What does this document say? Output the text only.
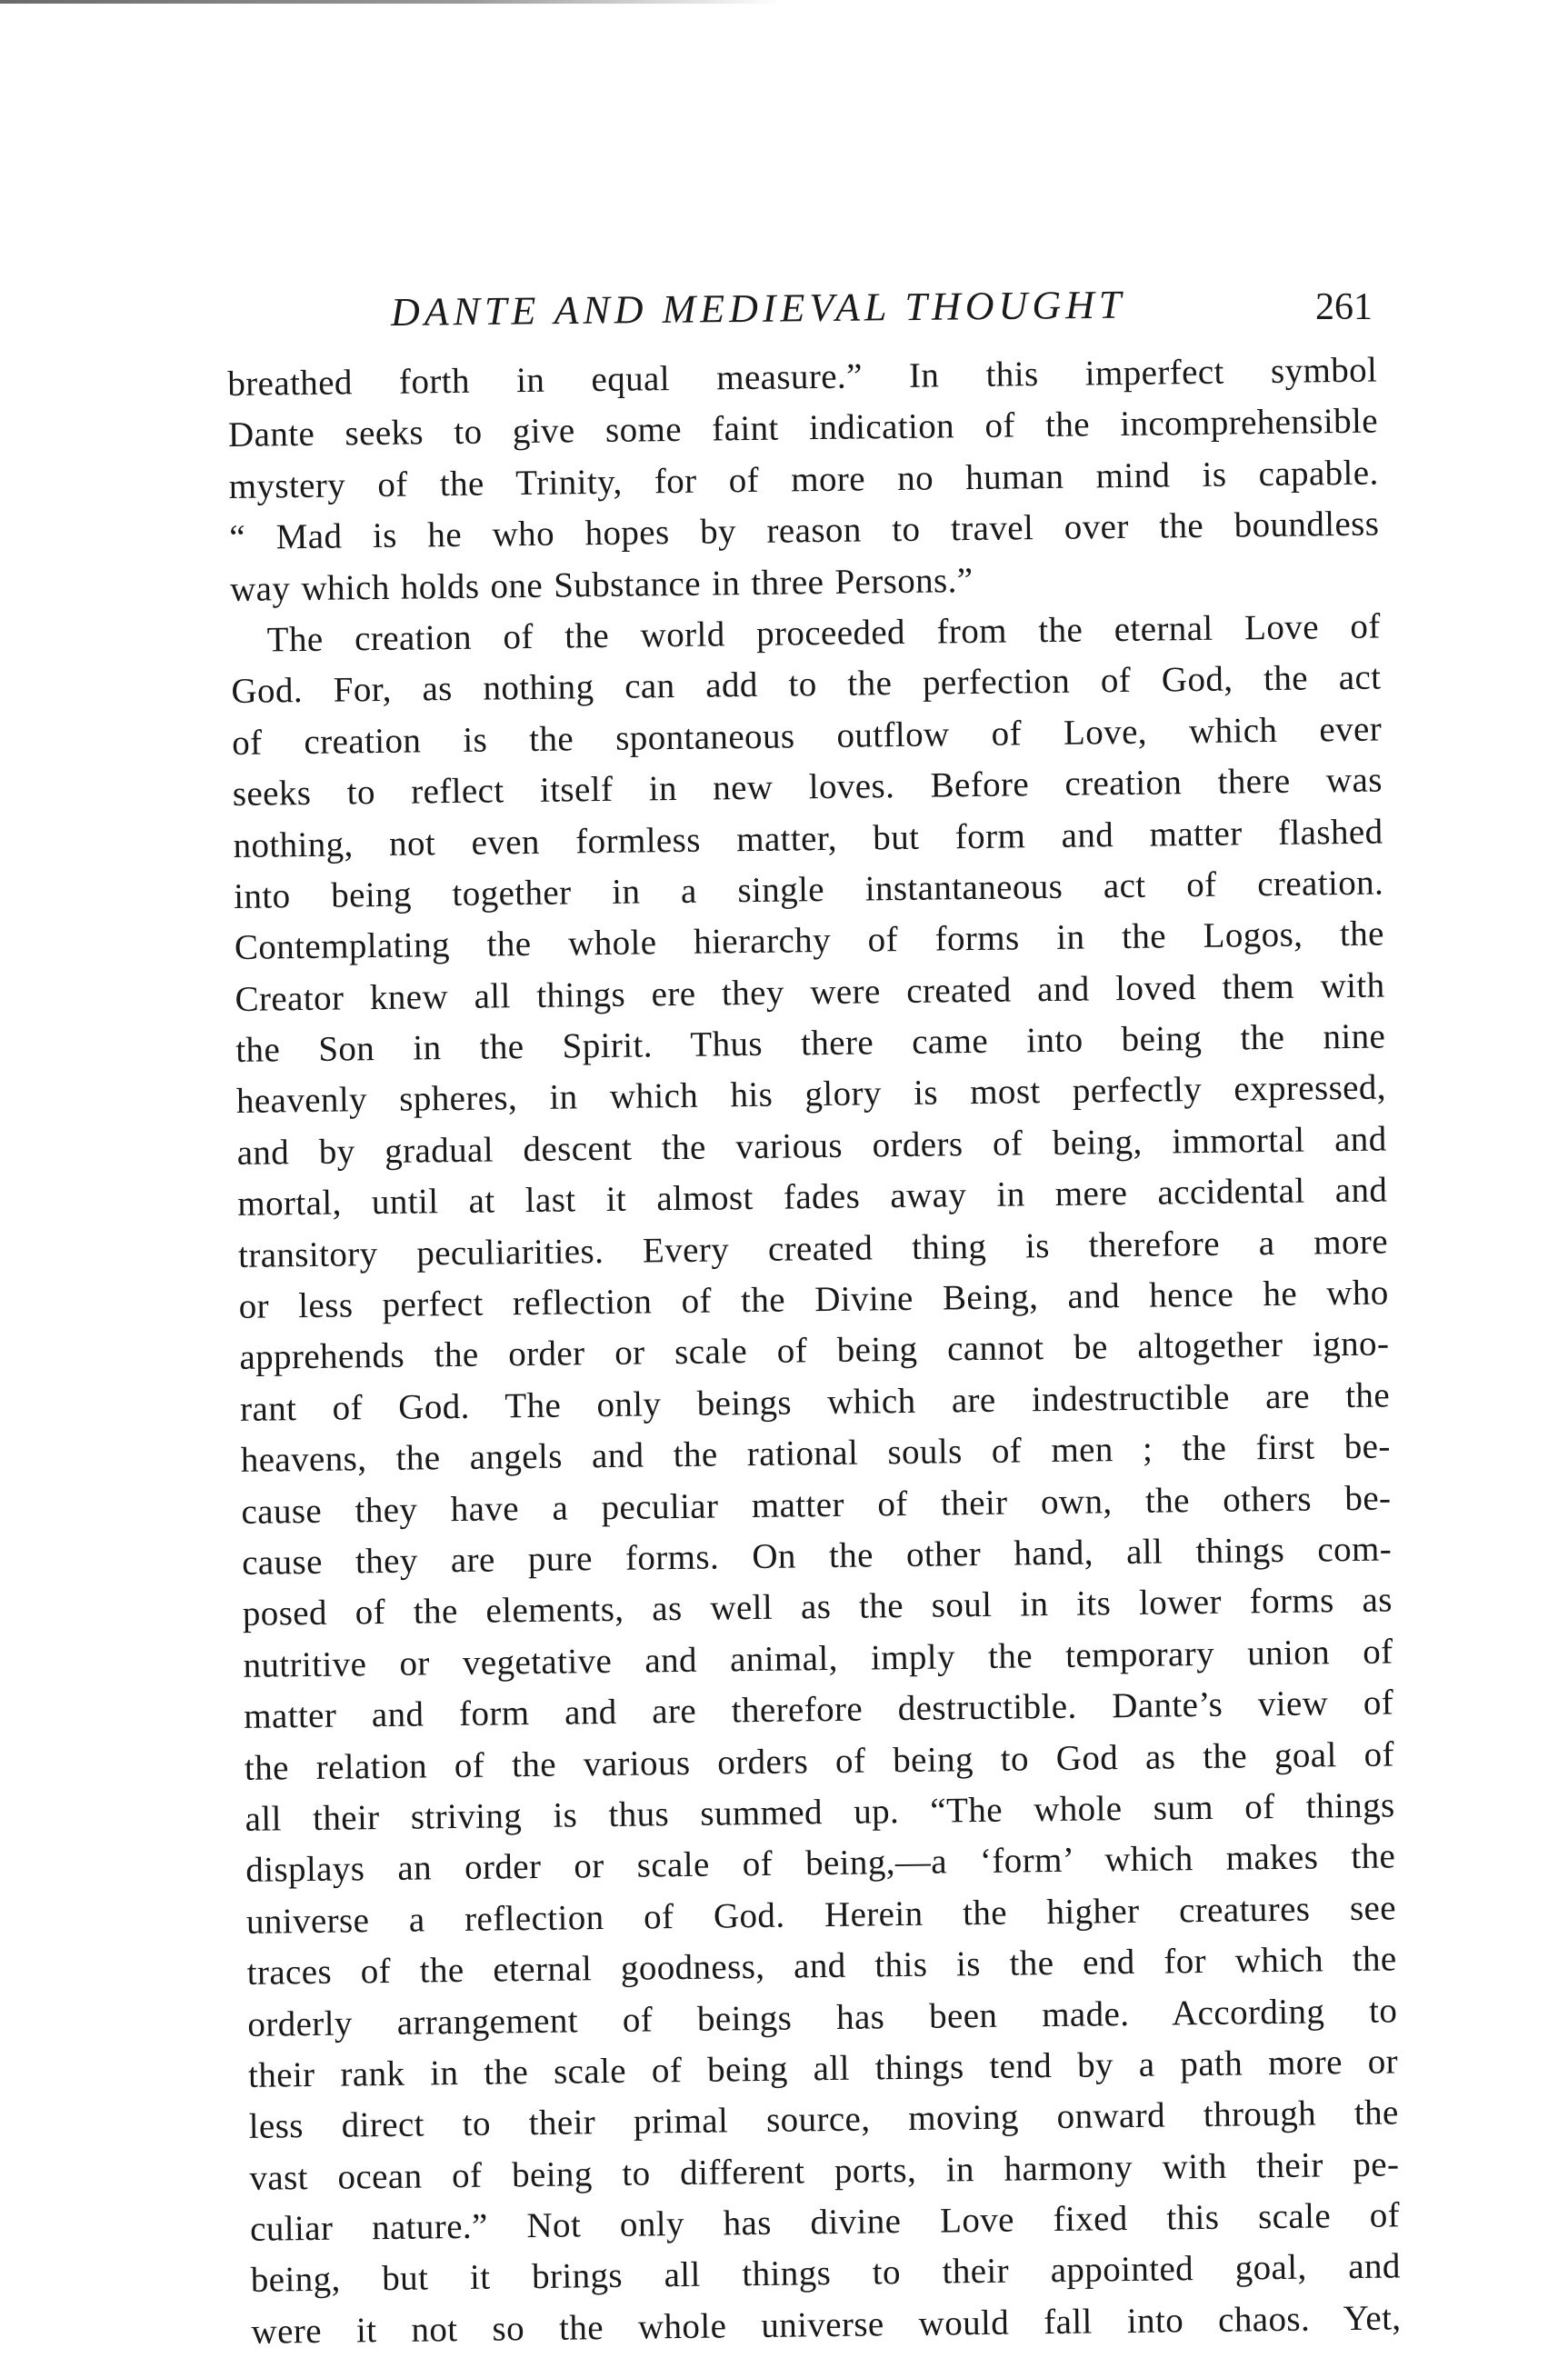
DANTE AND MEDIEVAL THOUGHT	261
breathed forth in equal measure.” In this imperfect symbol
Dante seeks to give some faint indication of the incomprehensible
mystery of the Trinity, for of more no human mind is capable.
“ Mad is he who hopes by reason to travel over the boundless
way which holds one Substance in three Persons.”
The creation of the world proceeded from the eternal Love of
God. For, as nothing can add to the perfection of God, the act
of creation is the spontaneous outflow of Love, which ever
seeks to reflect itself in new loves. Before creation there was
nothing, not even formless matter, but form and matter flashed
into being together in a single instantaneous act of creation.
Contemplating the whole hierarchy of forms in the Logos, the
Creator knew all things ere they were created and loved them with
the Son in the Spirit. Thus there came into being the nine
heavenly spheres, in which his glory is most perfectly expressed,
and by gradual descent the various orders of being, immortal and
mortal, until at last it almost fades away in mere accidental and
transitory peculiarities. Every created thing is therefore a more
or less perfect reflection of the Divine Being, and hence he who
apprehends the order or scale of being cannot be altogether igno-
rant of God. The only beings which are indestructible are the
heavens, the angels and the rational souls of men ; the first be-
cause they have a peculiar matter of their own, the others be-
cause they are pure forms. On the other hand, all things com-
posed of the elements, as well as the soul in its lower forms as
nutritive or vegetative and animal, imply the temporary union of
matter and form and are therefore destructible. Dante’s view of
the relation of the various orders of being to God as the goal of
all their striving is thus summed up. “The whole sum of things
displays an order or scale of being,—a ‘form’ which makes the
universe a reflection of God. Herein the higher creatures see
traces of the eternal goodness, and this is the end for which the
orderly arrangement of beings has been made. According to
their rank in the scale of being all things tend by a path more or
less direct to their primal source, moving onward through the
vast ocean of being to different ports, in harmony with their pe-
culiar nature.” Not only has divine Love fixed this scale of
being, but it brings all things to their appointed goal, and
were it not so the whole universe would fall into chaos. Yet,
